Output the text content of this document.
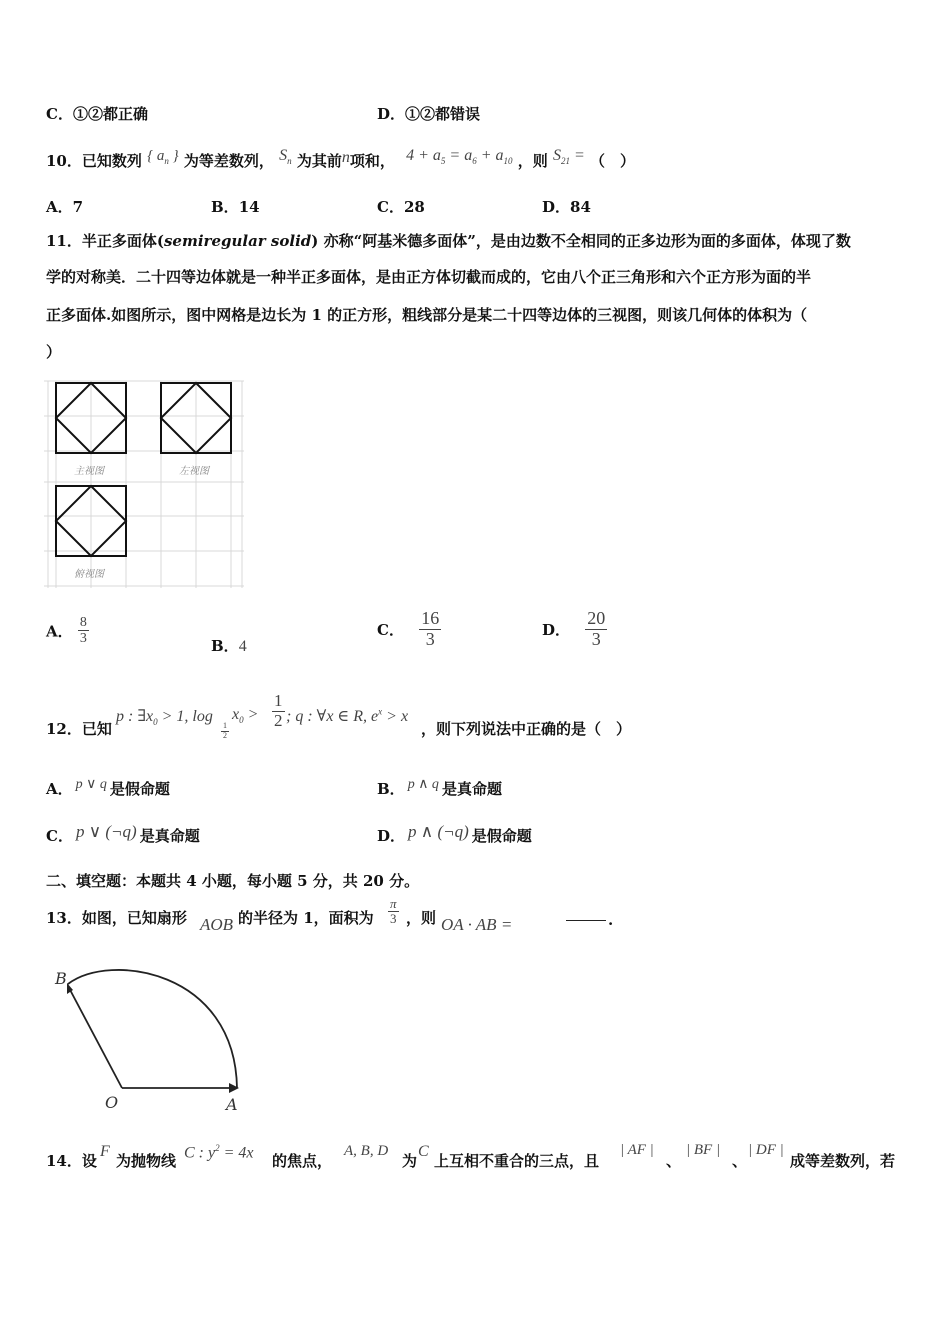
C．①②都正确	D．①②都错误
10．已知数列 { $a_n$ } 为等差数列， $S_n$ 为其前n项和， $4 + a_5 = a_6 + a_{10}$ ，则 $S_{21}$ = （　）
A．7	B．14	C．28	D．84
11．半正多面体(semiregular solid) 亦称“阿基米德多面体”，是由边数不全相同的正多边形为面的多面体，体现了数
学的对称美．二十四等边体就是一种半正多面体，是由正方体切截而成的，它由八个正三角形和六个正方形为面的半
正多面体.如图所示，图中网格是边长为 1 的正方形，粗线部分是某二十四等边体的三视图，则该几何体的体积为（
）
主视图	左视图
俯视图
A． $\frac{8}{3}$	B．4
C． $\frac{16}{3}$	D． $\frac{20}{3}$
12．已知
p : $\exists x_0 > 1$, log
$\frac{1}{2}$
$x_0 > \frac{1}{2}$ ; q : ∀x ∈ R, $e^x > x$
，则下列说法中正确的是（　）
A． p ∨ q 是假命题	B． p ∧ q 是真命题
C． p ∨ (¬q) 是真命题	D． p ∧ (¬q) 是假命题
二、填空题：本题共 4 小题，每小题 5 分，共 20 分。
13．如图，已知扇形 AOB 的半径为 1，面积为 $\frac{\pi}{3}$ ，则 OA · AB =	.
B
O	A
14．设
F
为抛物线 C : $y^2 = 4x$ 的焦点，
A, B, D
为
C
上互相不重合的三点，且
| AF |
、
| BF |
、
| DF |
成等差数列，若
